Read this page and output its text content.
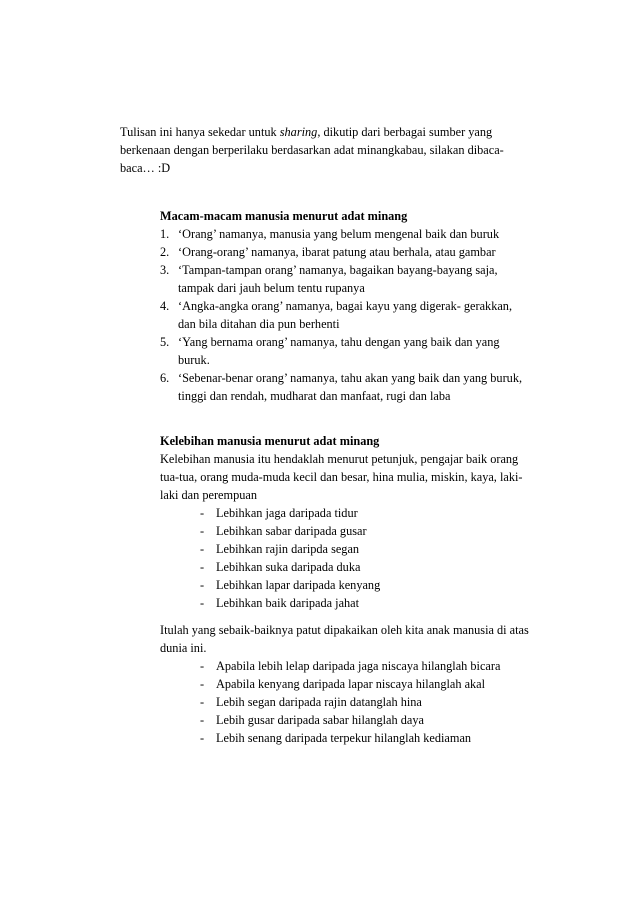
Tulisan ini hanya sekedar untuk sharing, dikutip dari berbagai sumber yang
berkenaan dengan berperilaku berdasarkan adat minangkabau, silakan dibaca-
baca… :D
Macam-macam manusia menurut adat minang
1. ‘Orang’ namanya, manusia yang belum mengenal baik dan buruk
2. ‘Orang-orang’ namanya, ibarat patung atau berhala, atau gambar
3. ‘Tampan-tampan orang’ namanya, bagaikan bayang-bayang saja,
tampak dari jauh belum tentu rupanya
4. ‘Angka-angka orang’ namanya, bagai kayu yang digerak- gerakkan,
dan bila ditahan dia pun berhenti
5. ‘Yang bernama orang’ namanya, tahu dengan yang baik dan yang
buruk.
6. ‘Sebenar-benar orang’ namanya, tahu akan yang baik dan yang buruk,
tinggi dan rendah, mudharat dan manfaat, rugi dan laba
Kelebihan manusia menurut adat minang
Kelebihan manusia itu hendaklah menurut petunjuk, pengajar baik orang
tua-tua, orang muda-muda kecil dan besar, hina mulia, miskin, kaya, laki-
laki dan perempuan
- Lebihkan jaga daripada tidur
- Lebihkan sabar daripada gusar
- Lebihkan rajin daripda segan
- Lebihkan suka daripada duka
- Lebihkan lapar daripada kenyang
- Lebihkan baik daripada jahat
Itulah yang sebaik-baiknya patut dipakaikan oleh kita anak manusia di atas
dunia ini.
- Apabila lebih lelap daripada jaga niscaya hilanglah bicara
- Apabila kenyang daripada lapar niscaya hilanglah akal
- Lebih segan daripada rajin datanglah hina
- Lebih gusar daripada sabar hilanglah daya
- Lebih senang daripada terpekur hilanglah kediaman
